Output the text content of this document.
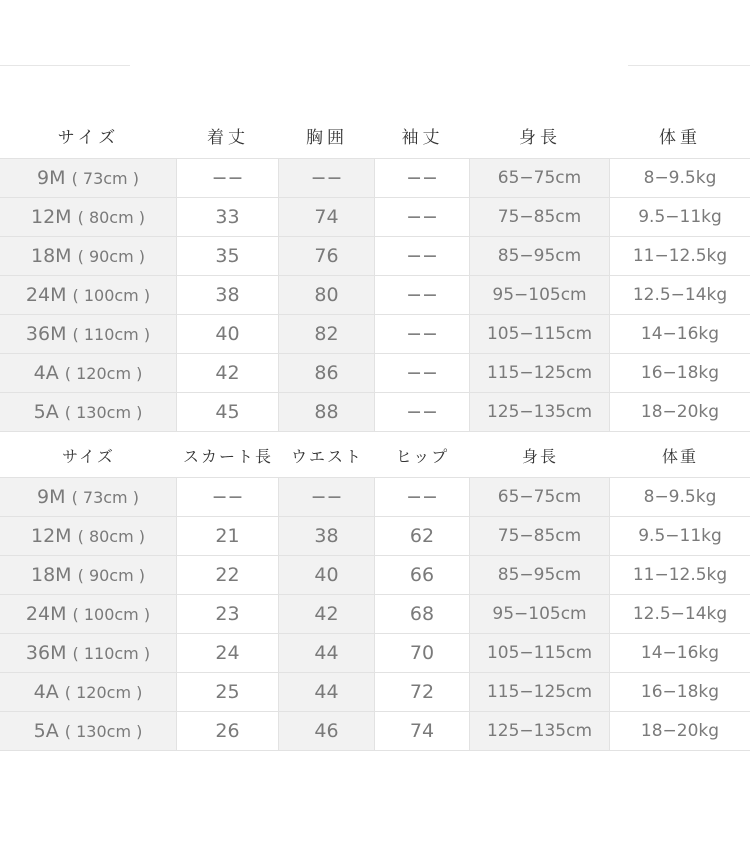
サイズ	着丈	胸囲	袖丈	身長	体重
9M ( 73cm )	−−	−−	−−	65−75cm	8−9.5kg
12M ( 80cm )	33	74	−−	75−85cm	9.5−11kg
18M ( 90cm )	35	76	−−	85−95cm	11−12.5kg
24M ( 100cm )	38	80	−−	95−105cm	12.5−14kg
36M ( 110cm )	40	82	−−	105−115cm	14−16kg
4A ( 120cm )	42	86	−−	115−125cm	16−18kg
5A ( 130cm )	45	88	−−	125−135cm	18−20kg
サイズ	スカート長	ウエスト	ヒップ	身長	体重
9M ( 73cm )	−−	−−	−−	65−75cm	8−9.5kg
12M ( 80cm )	21	38	62	75−85cm	9.5−11kg
18M ( 90cm )	22	40	66	85−95cm	11−12.5kg
24M ( 100cm )	23	42	68	95−105cm	12.5−14kg
36M ( 110cm )	24	44	70	105−115cm	14−16kg
4A ( 120cm )	25	44	72	115−125cm	16−18kg
5A ( 130cm )	26	46	74	125−135cm	18−20kg
